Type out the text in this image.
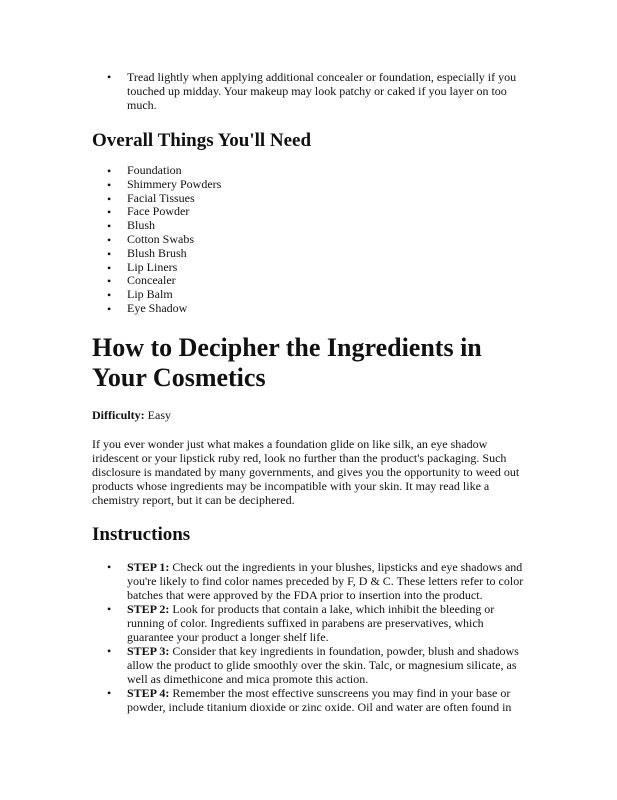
• Tread lightly when applying additional concealer or foundation, especially if you touched up midday. Your makeup may look patchy or caked if you layer on too much.
Overall Things You'll Need
• Foundation
• Shimmery Powders
• Facial Tissues
• Face Powder
• Blush
• Cotton Swabs
• Blush Brush
• Lip Liners
• Concealer
• Lip Balm
• Eye Shadow
How to Decipher the Ingredients in Your Cosmetics

Difficulty: Easy

If you ever wonder just what makes a foundation glide on like silk, an eye shadow iridescent or your lipstick ruby red, look no further than the product's packaging. Such disclosure is mandated by many governments, and gives you the opportunity to weed out products whose ingredients may be incompatible with your skin. It may read like a chemistry report, but it can be deciphered.

Instructions
• STEP 1: Check out the ingredients in your blushes, lipsticks and eye shadows and you're likely to find color names preceded by F, D & C. These letters refer to color batches that were approved by the FDA prior to insertion into the product.
• STEP 2: Look for products that contain a lake, which inhibit the bleeding or running of color. Ingredients suffixed in parabens are preservatives, which guarantee your product a longer shelf life.
• STEP 3: Consider that key ingredients in foundation, powder, blush and shadows allow the product to glide smoothly over the skin. Talc, or magnesium silicate, as well as dimethicone and mica promote this action.
• STEP 4: Remember the most effective sunscreens you may find in your base or powder, include titanium dioxide or zinc oxide. Oil and water are often found in
